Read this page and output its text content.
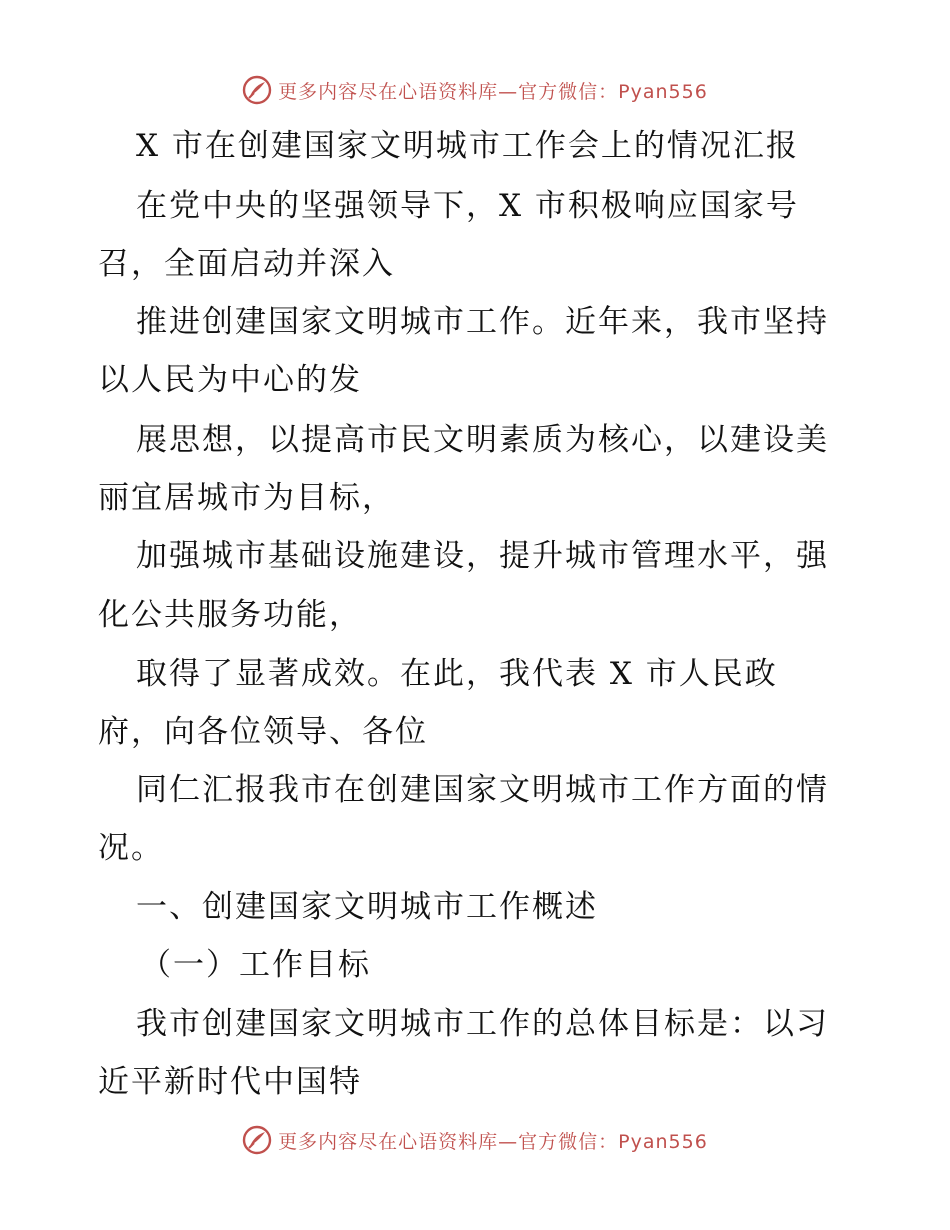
更多内容尽在心语资料库—官方微信：Pyan556
X 市在创建国家文明城市工作会上的情况汇报
在党中央的坚强领导下，X 市积极响应国家号
召，全面启动并深入
推进创建国家文明城市工作。近年来，我市坚持
以人民为中心的发
展思想，以提高市民文明素质为核心，以建设美
丽宜居城市为目标，
加强城市基础设施建设，提升城市管理水平，强
化公共服务功能，
取得了显著成效。在此，我代表 X 市人民政
府，向各位领导、各位
同仁汇报我市在创建国家文明城市工作方面的情
况。
一、创建国家文明城市工作概述
（一）工作目标
我市创建国家文明城市工作的总体目标是：以习
近平新时代中国特
更多内容尽在心语资料库—官方微信：Pyan556
